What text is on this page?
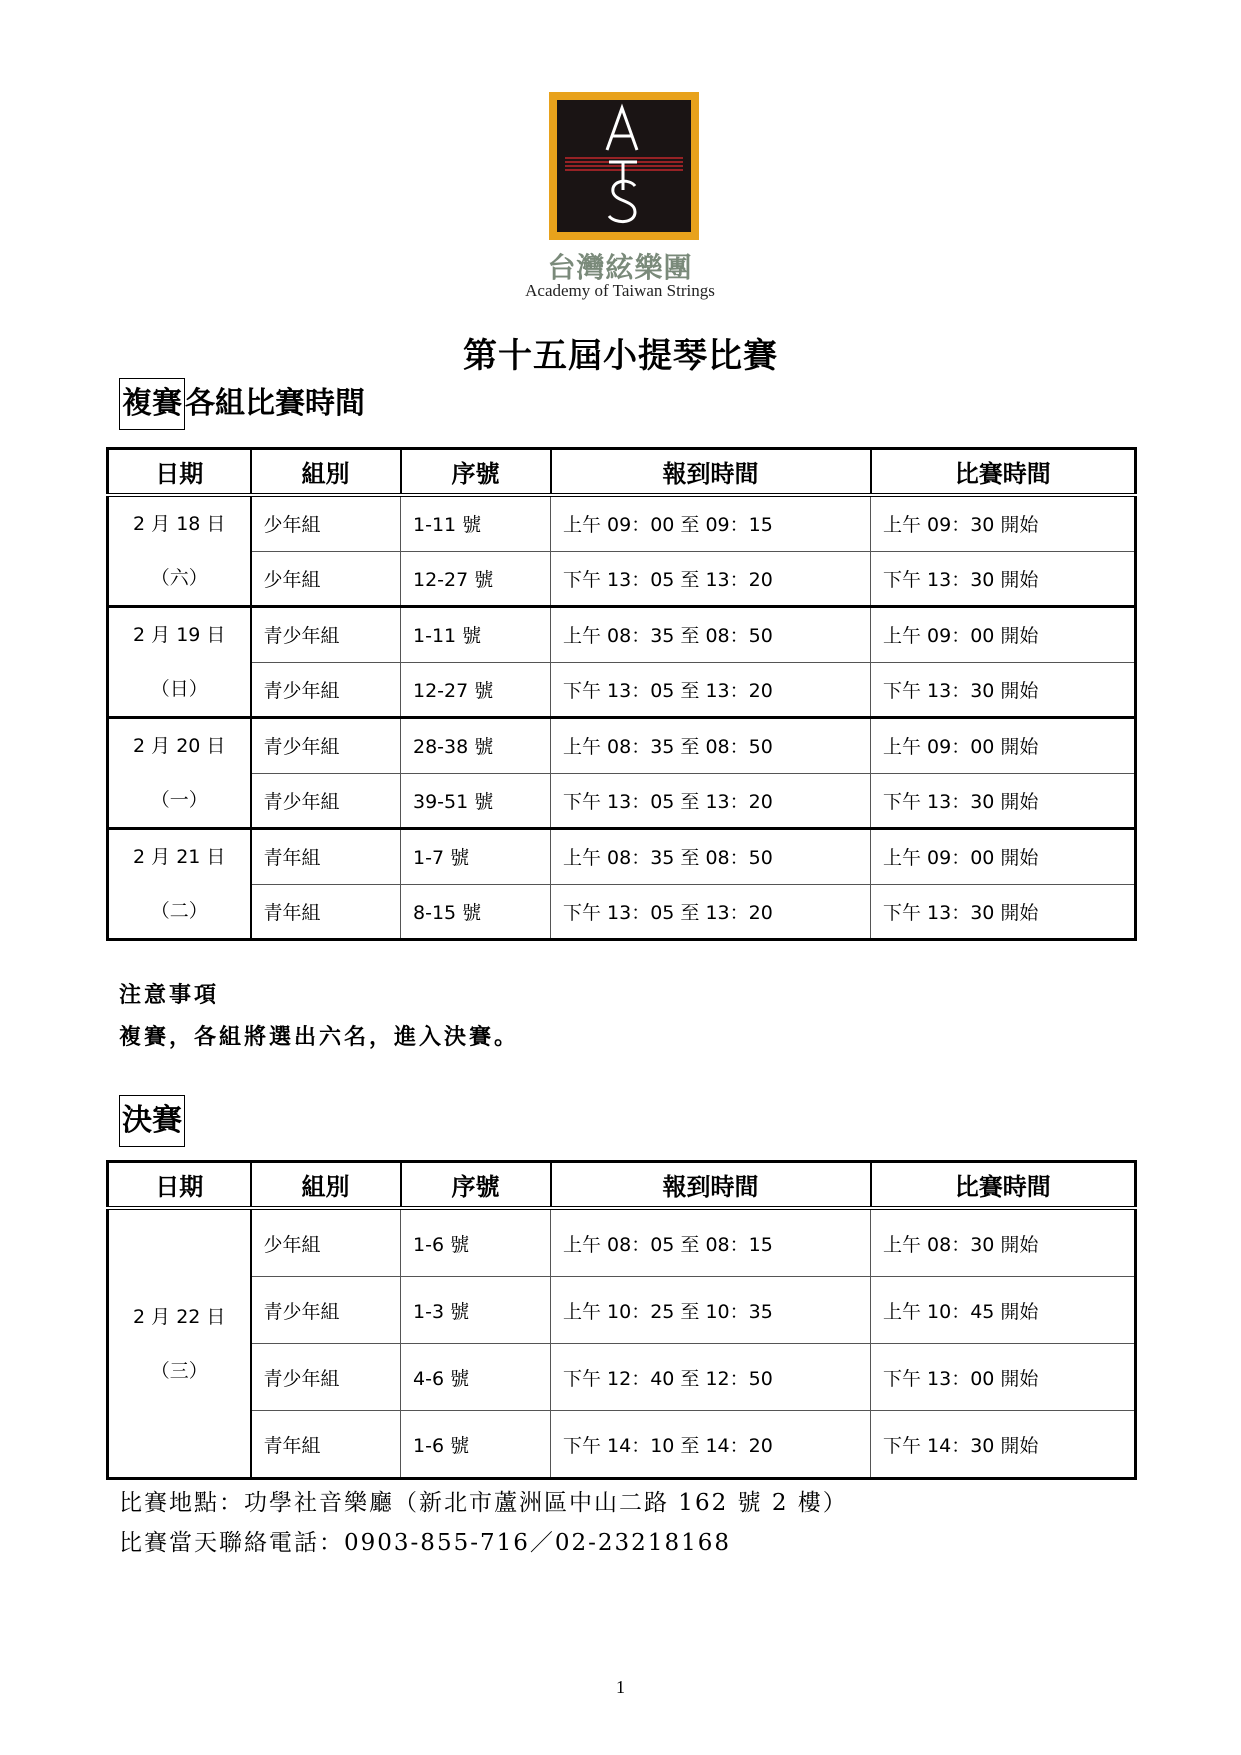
台灣絃樂團
Academy of Taiwan Strings
第十五屆小提琴比賽
複賽 各組比賽時間
日期	組別	序號	報到時間	比賽時間

2 月 18 日
（六）	少年組	1-11 號	上午 09：00 至 09：15	上午 09：30 開始
	少年組	12-27 號	下午 13：05 至 13：20	下午 13：30 開始

2 月 19 日
（日）	青少年組	1-11 號	上午 08：35 至 08：50	上午 09：00 開始
	青少年組	12-27 號	下午 13：05 至 13：20	下午 13：30 開始

2 月 20 日
（一）	青少年組	28-38 號	上午 08：35 至 08：50	上午 09：00 開始
	青少年組	39-51 號	下午 13：05 至 13：20	下午 13：30 開始

2 月 21 日
（二）	青年組	1-7 號	上午 08：35 至 08：50	上午 09：00 開始
	青年組	8-15 號	下午 13：05 至 13：20	下午 13：30 開始
注意事項
複賽，各組將選出六名，進入決賽。
決賽
日期	組別	序號	報到時間	比賽時間

2 月 22 日
（三）	少年組	1-6 號	上午 08：05 至 08：15	上午 08：30 開始
	青少年組	1-3 號	上午 10：25 至 10：35	上午 10：45 開始
	青少年組	4-6 號	下午 12：40 至 12：50	下午 13：00 開始
	青年組	1-6 號	下午 14：10 至 14：20	下午 14：30 開始
比賽地點：功學社音樂廳（新北市蘆洲區中山二路 162 號 2 樓）
比賽當天聯絡電話：0903-855-716／02-23218168
1
